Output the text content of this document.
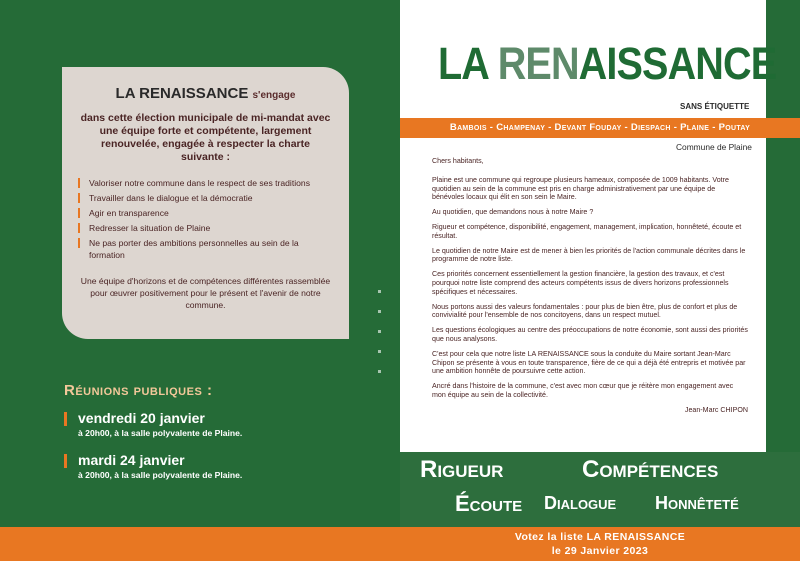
LA RENAISSANCE s'engage
dans cette élection municipale de mi-mandat avec une équipe forte et compétente, largement renouvelée, engagée à respecter la charte suivante :
Valoriser notre commune dans le respect de ses traditions
Travailler dans le dialogue et la démocratie
Agir en transparence
Redresser la situation de Plaine
Ne pas porter des ambitions personnelles au sein de la formation
Une équipe d'horizons et de compétences différentes rassemblée pour œuvrer positivement pour le présent et l'avenir de notre commune.
Réunions publiques :
vendredi 20 janvier
à 20h00, à la salle polyvalente de Plaine.
mardi 24 janvier
à 20h00, à la salle polyvalente de Plaine.
LA RENAISSANCE
SANS ÉTIQUETTE
Bambois - Champenay - Devant Fouday - Diespach - Plaine - Poutay
Commune de Plaine

Chers habitants,

Plaine est une commune qui regroupe plusieurs hameaux, composée de 1009 habitants. Votre quotidien au sein de la commune est pris en charge administrativement par une équipe de bénévoles locaux qui élit en son sein le Maire.

Au quotidien, que demandons nous à notre Maire ?

Rigueur et compétence, disponibilité, engagement, management, implication, honnêteté, écoute et résultat.

Le quotidien de notre Maire est de mener à bien les priorités de l'action communale décrites dans le programme de notre liste.

Ces priorités concernent essentiellement la gestion financière, la gestion des travaux, et c'est pourquoi notre liste comprend des acteurs compétents issus de divers horizons professionnels spécifiques et nécessaires.

Nous portons aussi des valeurs fondamentales : pour plus de bien être, plus de confort et plus de convivialité pour l'ensemble de nos concitoyens, dans un respect mutuel.

Les questions écologiques au centre des préoccupations de notre économie, sont aussi des priorités que nous analysons.

C'est pour cela que notre liste LA RENAISSANCE sous la conduite du Maire sortant Jean-Marc Chipon se présente à vous en toute transparence, fière de ce qui a déjà été entrepris et motivée par une ambition honnête de poursuivre cette action.

Ancré dans l'histoire de la commune, c'est avec mon cœur que je réitère mon engagement avec mon équipe au sein de la collectivité.

Jean-Marc CHIPON
Rigueur	Compétences
Écoute Dialogue Honnêteté
Votez la liste LA RENAISSANCE
le 29 Janvier 2023
